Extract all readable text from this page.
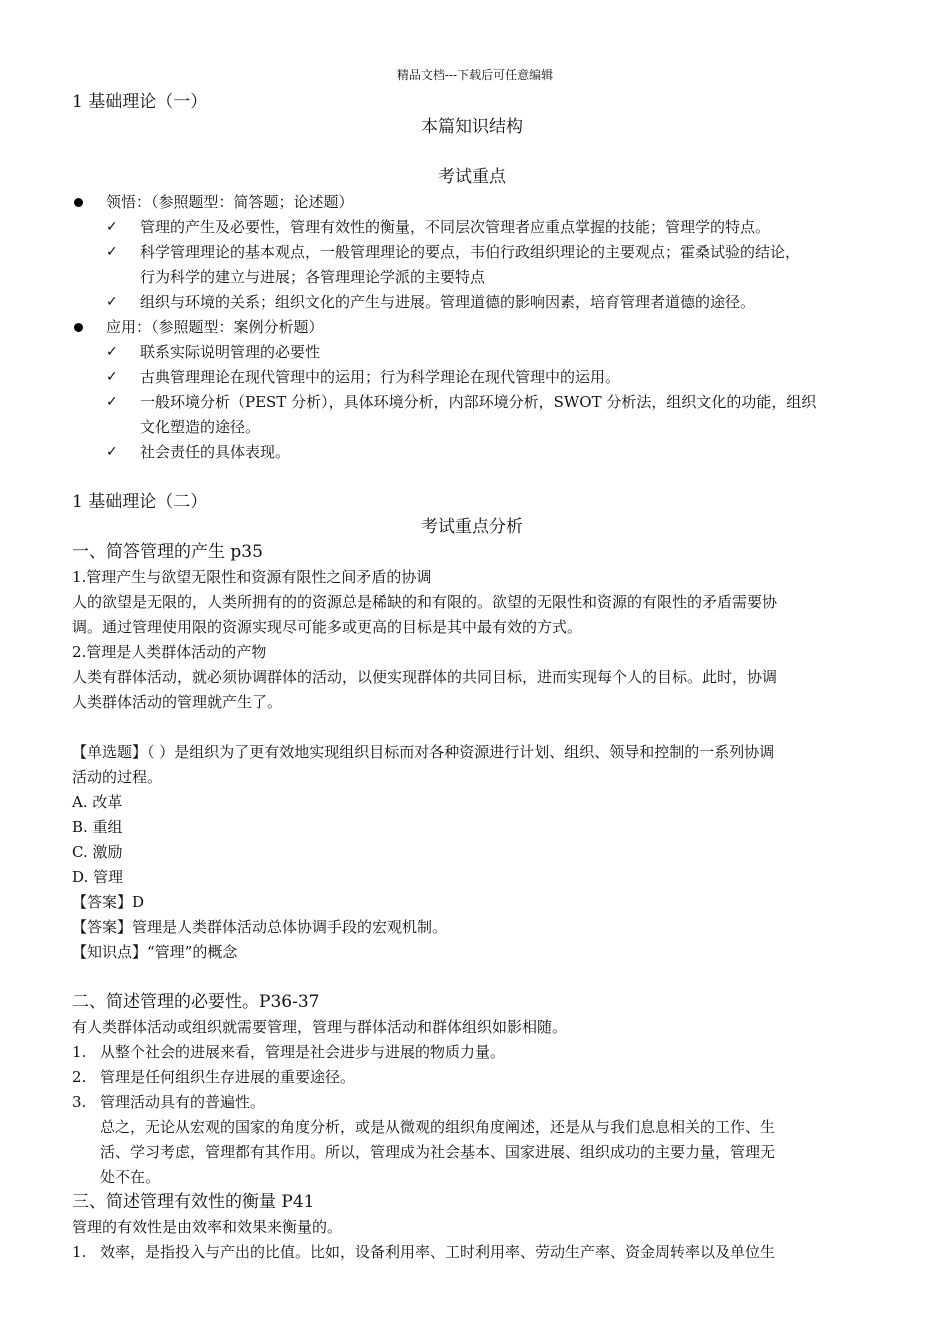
精品文档---下载后可任意编辑
1 基础理论（一）
本篇知识结构
考试重点
领悟：（参照题型：简答题；论述题）
✓ 管理的产生及必要性，管理有效性的衡量，不同层次管理者应重点掌握的技能；管理学的特点。
✓ 科学管理理论的基本观点，一般管理理论的要点，韦伯行政组织理论的主要观点；霍桑试验的结论，
行为科学的建立与进展；各管理理论学派的主要特点
✓ 组织与环境的关系；组织文化的产生与进展。管理道德的影响因素，培育管理者道德的途径。
应用：（参照题型：案例分析题）
✓ 联系实际说明管理的必要性
✓ 古典管理理论在现代管理中的运用；行为科学理论在现代管理中的运用。
✓ 一般环境分析（PEST 分析），具体环境分析，内部环境分析，SWOT 分析法，组织文化的功能，组织
文化塑造的途径。
✓ 社会责任的具体表现。
1 基础理论（二）
考试重点分析
一、简答管理的产生 p35
1.管理产生与欲望无限性和资源有限性之间矛盾的协调
人的欲望是无限的，人类所拥有的的资源总是稀缺的和有限的。欲望的无限性和资源的有限性的矛盾需要协
调。通过管理使用限的资源实现尽可能多或更高的目标是其中最有效的方式。
2.管理是人类群体活动的产物
人类有群体活动，就必须协调群体的活动，以便实现群体的共同目标，进而实现每个人的目标。此时，协调
人类群体活动的管理就产生了。
【单选题】（ ）是组织为了更有效地实现组织目标而对各种资源进行计划、组织、领导和控制的一系列协调
活动的过程。
A. 改革
B. 重组
C. 激励
D. 管理
【答案】D
【答案】管理是人类群体活动总体协调手段的宏观机制。
【知识点】“管理”的概念
二、简述管理的必要性。P36-37
有人类群体活动或组织就需要管理，管理与群体活动和群体组织如影相随。
1. 从整个社会的进展来看，管理是社会进步与进展的物质力量。
2. 管理是任何组织生存进展的重要途径。
3. 管理活动具有的普遍性。
总之，无论从宏观的国家的角度分析，或是从微观的组织角度阐述，还是从与我们息息相关的工作、生
活、学习考虑，管理都有其作用。所以，管理成为社会基本、国家进展、组织成功的主要力量，管理无
处不在。
三、简述管理有效性的衡量 P41
管理的有效性是由效率和效果来衡量的。
1. 效率，是指投入与产出的比值。比如，设备利用率、工时利用率、劳动生产率、资金周转率以及单位生
